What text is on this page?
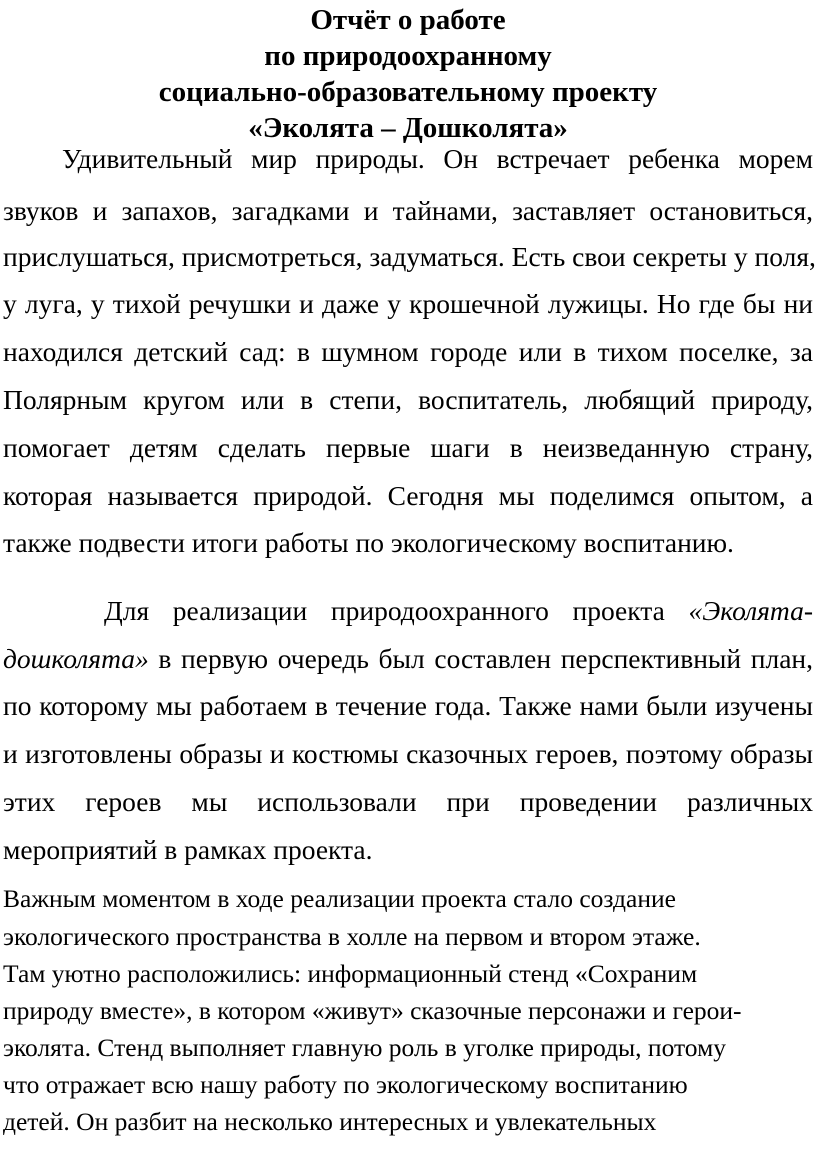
Отчёт о работе
по природоохранному
социально-образовательному проекту
«Эколята – Дошколята»
Удивительный мир природы. Он встречает ребенка морем
звуков и запахов, загадками и тайнами, заставляет остановиться,
прислушаться, присмотреться, задуматься. Есть свои секреты у поля,
у луга, у тихой речушки и даже у крошечной лужицы. Но где бы ни
находился детский сад: в шумном городе или в тихом поселке, за
Полярным кругом или в степи, воспитатель, любящий природу,
помогает детям сделать первые шаги в неизведанную страну,
которая называется природой. Сегодня мы поделимся опытом, а
также подвести итоги работы по экологическому воспитанию.
Для реализации природоохранного проекта «Эколята-
дошколята» в первую очередь был составлен перспективный план,
по которому мы работаем в течение года. Также нами были изучены
и изготовлены образы и костюмы сказочных героев, поэтому образы
этих героев мы использовали при проведении различных
мероприятий в рамках проекта.
Важным моментом в ходе реализации проекта стало создание
экологического пространства в холле на первом и втором этаже.
Там уютно расположились: информационный стенд «Сохраним
природу вместе», в котором «живут» сказочные персонажи и герои-
эколята. Стенд выполняет главную роль в уголке природы, потому
что отражает всю нашу работу по экологическому воспитанию
детей. Он разбит на несколько интересных и увлекательных
